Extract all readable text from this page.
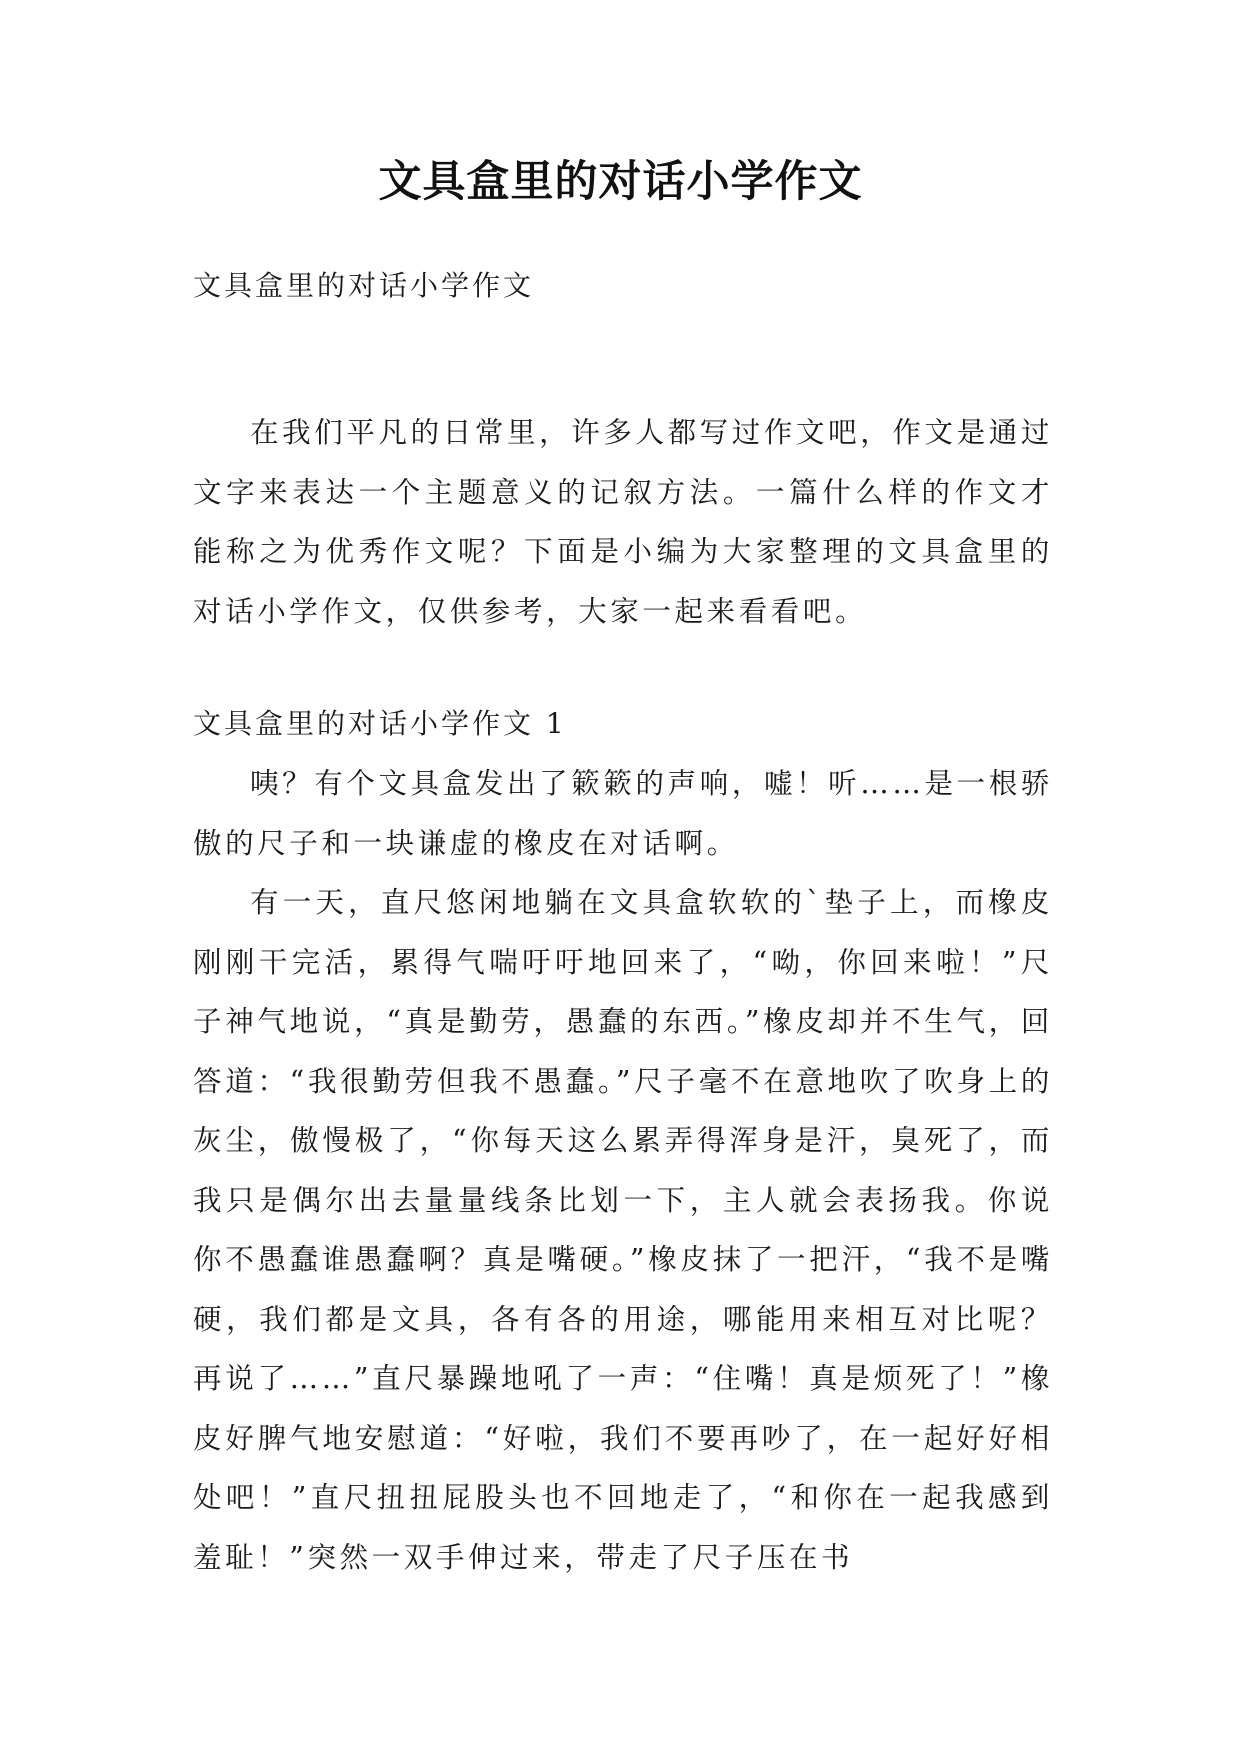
文具盒里的对话小学作文
文具盒里的对话小学作文

在我们平凡的日常里，许多人都写过作文吧，作文是通过文字来表达一个主题意义的记叙方法。一篇什么样的作文才能称之为优秀作文呢？下面是小编为大家整理的文具盒里的对话小学作文，仅供参考，大家一起来看看吧。

文具盒里的对话小学作文 1

咦？有个文具盒发出了簌簌的声响，嘘！听……是一根骄傲的尺子和一块谦虚的橡皮在对话啊。

有一天，直尺悠闲地躺在文具盒软软的`垫子上，而橡皮刚刚干完活，累得气喘吁吁地回来了，“呦，你回来啦！”尺子神气地说，“真是勤劳，愚蠢的东西。”橡皮却并不生气，回答道：“我很勤劳但我不愚蠢。”尺子毫不在意地吹了吹身上的灰尘，傲慢极了，“你每天这么累弄得浑身是汗，臭死了，而我只是偶尔出去量量线条比划一下，主人就会表扬我。你说你不愚蠢谁愚蠢啊？真是嘴硬。”橡皮抹了一把汗，“我不是嘴硬，我们都是文具，各有各的用途，哪能用来相互对比呢？再说了……”直尺暴躁地吼了一声：“住嘴！真是烦死了！”橡皮好脾气地安慰道：“好啦，我们不要再吵了，在一起好好相处吧！”直尺扭扭屁股头也不回地走了，“和你在一起我感到羞耻！”突然一双手伸过来，带走了尺子压在书
